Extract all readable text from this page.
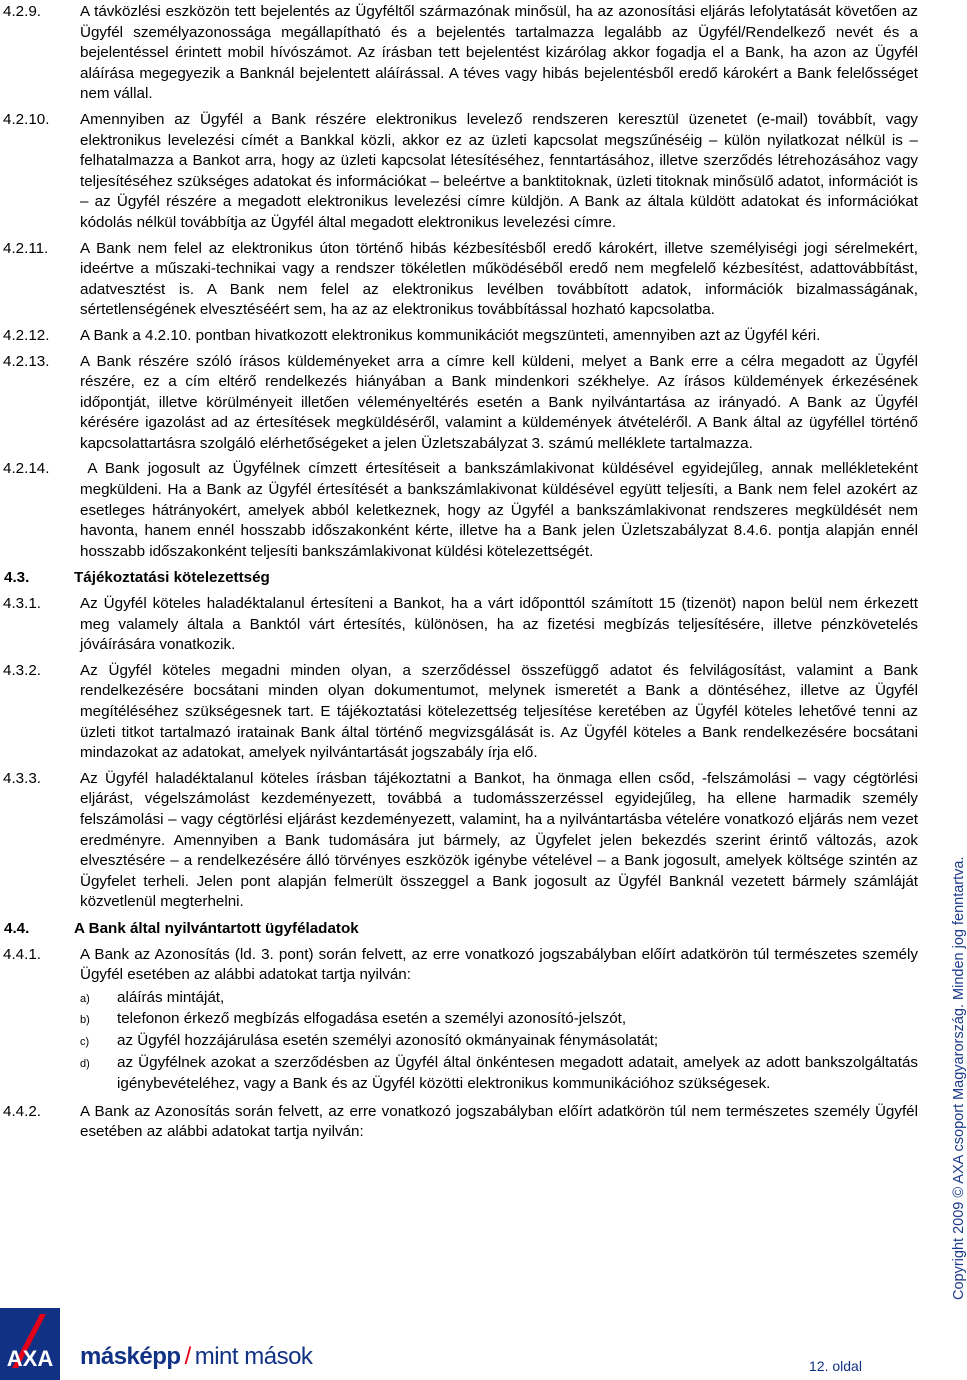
4.2.9.	A távközlési eszközön tett bejelentés az Ügyféltől származónak minősül, ha az azonosítási eljárás lefolytatását követően az Ügyfél személyazonossága megállapítható és a bejelentés tartalmazza legalább az Ügyfél/Rendelkező nevét és a bejelentéssel érintett mobil hívószámot. Az írásban tett bejelentést kizárólag akkor fogadja el a Bank, ha azon az Ügyfél aláírása megegyezik a Banknál bejelentett aláírással. A téves vagy hibás bejelentésből eredő károkért a Bank felelősséget nem vállal.
4.2.10. Amennyiben az Ügyfél a Bank részére elektronikus levelező rendszeren keresztül üzenetet (e-mail) továbbít, vagy elektronikus levelezési címét a Bankkal közli, akkor ez az üzleti kapcsolat megszűnéséig – külön nyilatkozat nélkül is – felhatalmazza a Bankot arra, hogy az üzleti kapcsolat létesítéséhez, fenntartásához, illetve szerződés létrehozásához vagy teljesítéséhez szükséges adatokat és információkat – beleértve a banktitoknak, üzleti titoknak minősülő adatot, információt is – az Ügyfél részére a megadott elektronikus levelezési címre küldjön. A Bank az általa küldött adatokat és információkat kódolás nélkül továbbítja az Ügyfél által megadott elektronikus levelezési címre.
4.2.11. A Bank nem felel az elektronikus úton történő hibás kézbesítésből eredő károkért, illetve személyiségi jogi sérelmekért, ideértve a műszaki-technikai vagy a rendszer tökéletlen működéséből eredő nem megfelelő kézbesítést, adattovábbítást, adatvesztést is. A Bank nem felel az elektronikus levélben továbbított adatok, információk bizalmasságának, sértetlenségének elvesztéséért sem, ha az az elektronikus továbbítással hozható kapcsolatba.
4.2.12. A Bank a 4.2.10. pontban hivatkozott elektronikus kommunikációt megszünteti, amennyiben azt az Ügyfél kéri.
4.2.13. A Bank részére szóló írásos küldeményeket arra a címre kell küldeni, melyet a Bank erre a célra megadott az Ügyfél részére, ez a cím eltérő rendelkezés hiányában a Bank mindenkori székhelye. Az írásos küldemények érkezésének időpontját, illetve körülményeit illetően véleményeltérés esetén a Bank nyilvántartása az irányadó. A Bank az Ügyfél kérésére igazolást ad az értesítések megküldéséről, valamint a küldemények átvételéről. A Bank által az ügyféllel történő kapcsolattartásra szolgáló elérhetőségeket a jelen Üzletszabályzat 3. számú melléklete tartalmazza.
4.2.14. A Bank jogosult az Ügyfélnek címzett értesítéseit a bankszámlakivonat küldésével egyidejűleg, annak mellékleteként megküldeni. Ha a Bank az Ügyfél értesítését a bankszámlakivonat küldésével együtt teljesíti, a Bank nem felel azokért az esetleges hátrányokért, amelyek abból keletkeznek, hogy az Ügyfél a bankszámlakivonat rendszeres megküldését nem havonta, hanem ennél hosszabb időszakonként kérte, illetve ha a Bank jelen Üzletszabályzat 8.4.6. pontja alapján ennél hosszabb időszakonként teljesíti bankszámlakivonat küldési kötelezettségét.
4.3.	Tájékoztatási kötelezettség
4.3.1.	Az Ügyfél köteles haladéktalanul értesíteni a Bankot, ha a várt időponttól számított 15 (tizenöt) napon belül nem érkezett meg valamely általa a Banktól várt értesítés, különösen, ha az fizetési megbízás teljesítésére, illetve pénzkövetelés jóváírására vonatkozik.
4.3.2.	Az Ügyfél köteles megadni minden olyan, a szerződéssel összefüggő adatot és felvilágosítást, valamint a Bank rendelkezésére bocsátani minden olyan dokumentumot, melynek ismeretét a Bank a döntéséhez, illetve az Ügyfél megítéléséhez szükségesnek tart. E tájékoztatási kötelezettség teljesítése keretében az Ügyfél köteles lehetővé tenni az üzleti titkot tartalmazó iratainak Bank által történő megvizsgálását is. Az Ügyfél köteles a Bank rendelkezésére bocsátani mindazokat az adatokat, amelyek nyilvántartását jogszabály írja elő.
4.3.3.	Az Ügyfél haladéktalanul köteles írásban tájékoztatni a Bankot, ha önmaga ellen csőd, -felszámolási – vagy cégtörlési eljárást, végelszámolást kezdeményezett, továbbá a tudomásszerzéssel egyidejűleg, ha ellene harmadik személy felszámolási – vagy cégtörlési eljárást kezdeményezett, valamint, ha a nyilvántartásba vételére vonatkozó eljárás nem vezet eredményre. Amennyiben a Bank tudomására jut bármely, az Ügyfelet jelen bekezdés szerint érintő változás, azok elvesztésére – a rendelkezésére álló törvényes eszközök igénybe vételével – a Bank jogosult, amelyek költsége szintén az Ügyfelet terheli. Jelen pont alapján felmerült összeggel a Bank jogosult az Ügyfél Banknál vezetett bármely számláját közvetlenül megterhelni.
4.4.	A Bank által nyilvántartott ügyféladatok
4.4.1.	A Bank az Azonosítás (ld. 3. pont) során felvett, az erre vonatkozó jogszabályban előírt adatkörön túl természetes személy Ügyfél esetében az alábbi adatokat tartja nyilván:
a) aláírás mintáját,
b) telefonon érkező megbízás elfogadása esetén a személyi azonosító-jelszót,
c) az Ügyfél hozzájárulása esetén személyi azonosító okmányainak fénymásolatát;
d) az Ügyfélnek azokat a szerződésben az Ügyfél által önkéntesen megadott adatait, amelyek az adott bankszolgáltatás igénybevételéhez, vagy a Bank és az Ügyfél közötti elektronikus kommunikációhoz szükségesek.
4.4.2.	A Bank az Azonosítás során felvett, az erre vonatkozó jogszabályban előírt adatkörön túl nem természetes személy Ügyfél esetében az alábbi adatokat tartja nyilván:	Copyright 2009 © AXA csoport Magyarország. Minden jog fenntartva.
AXA másképp / mint mások	12. oldal
